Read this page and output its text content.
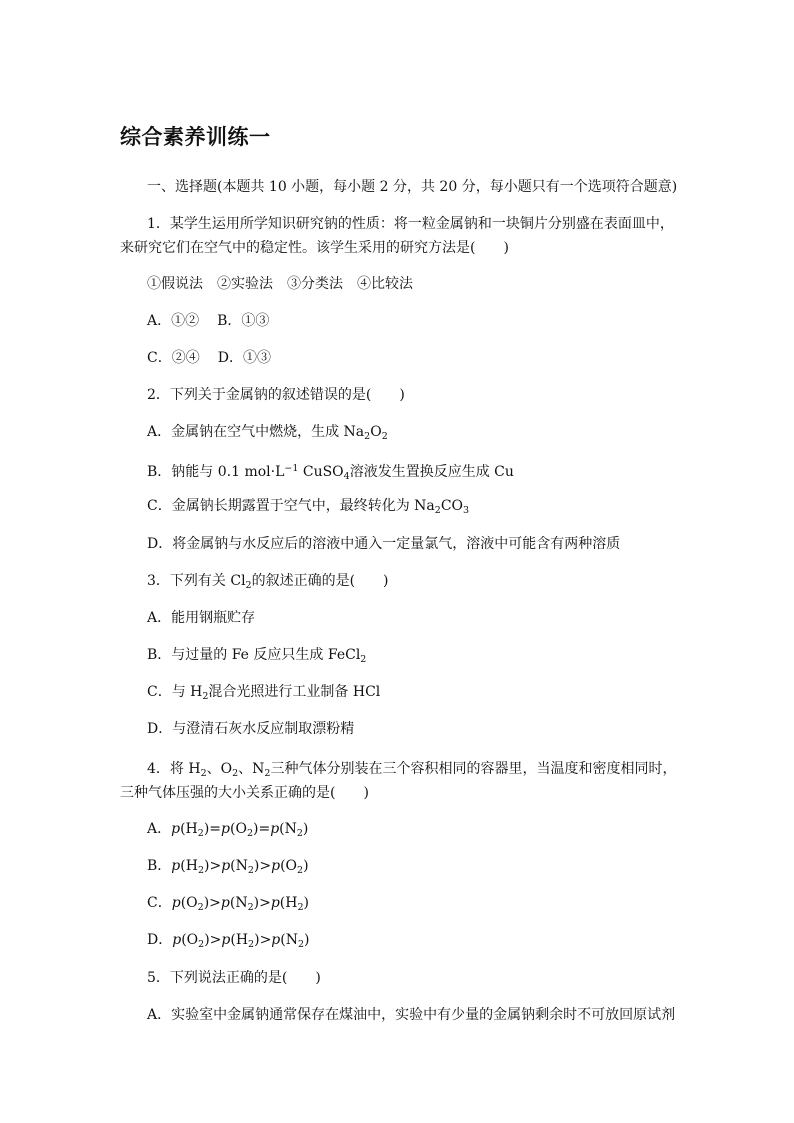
综合素养训练一
一、选择题(本题共 10 小题，每小题 2 分，共 20 分，每小题只有一个选项符合题意)
1．某学生运用所学知识研究钠的性质：将一粒金属钠和一块铜片分别盛在表面皿中，
来研究它们在空气中的稳定性。该学生采用的研究方法是(　　)
①假说法　②实验法　③分类法　④比较法
A．①② B．①③
C．②④ D．①③
2．下列关于金属钠的叙述错误的是(　　)
A．金属钠在空气中燃烧，生成 $Na_2O_2$
B．钠能与 0.1 $mol\cdot L^{-1}$ CuSO$_4$溶液发生置换反应生成 Cu
C．金属钠长期露置于空气中，最终转化为 $Na_2CO_3$
D．将金属钠与水反应后的溶液中通入一定量氯气，溶液中可能含有两种溶质
3．下列有关 $Cl_2$的叙述正确的是(　　)
A．能用钢瓶贮存
B．与过量的 Fe 反应只生成 FeCl$_2$
C．与 $H_2$混合光照进行工业制备 HCl
D．与澄清石灰水反应制取漂粉精
4．将 $H_2$、$O_2$、$N_2$三种气体分别装在三个容积相同的容器里，当温度和密度相同时，
三种气体压强的大小关系正确的是(　　)
A．$p(H_2)=p(O_2)=p(N_2)$
B．$p(H_2)>p(N_2)>p(O_2)$
C．$p(O_2)>p(N_2)>p(H_2)$
D．$p(O_2)>p(H_2)>p(N_2)$
5．下列说法正确的是(　　)
A．实验室中金属钠通常保存在煤油中，实验中有少量的金属钠剩余时不可放回原试剂
